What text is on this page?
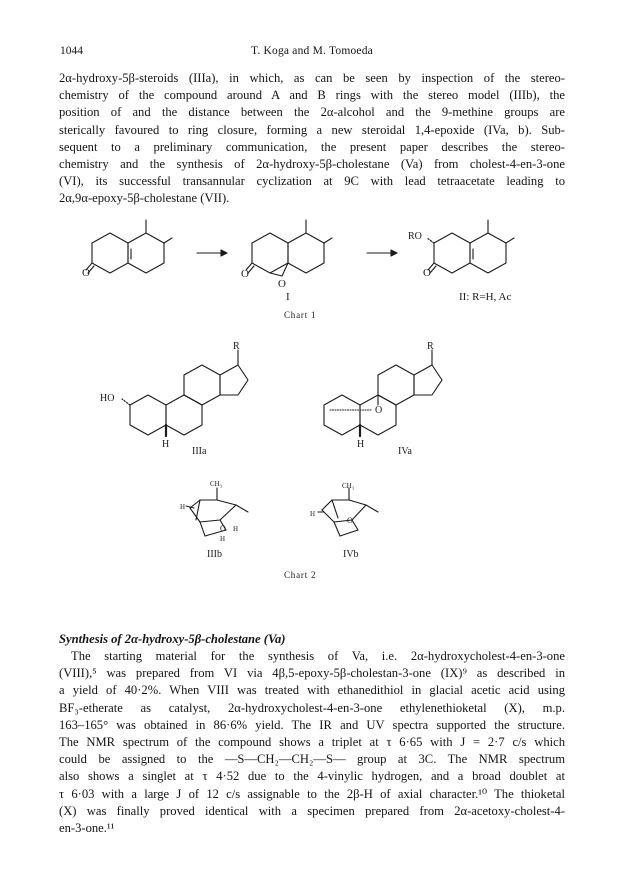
1044	T. Koga and M. Tomoeda
2α-hydroxy-5β-steroids (IIIa), in which, as can be seen by inspection of the stereo-
chemistry of the compound around A and B rings with the stereo model (IIIb), the
position of and the distance between the 2α-alcohol and the 9-methine groups are
sterically favoured to ring closure, forming a new steroidal 1,4-epoxide (IVa, b). Sub-
sequent to a preliminary communication, the present paper describes the stereo-
chemistry and the synthesis of 2α-hydroxy-5β-cholestane (Va) from cholest-4-en-3-one
(VI), its successful transannular cyclization at 9C with lead tetraacetate leading to
2α,9α-epoxy-5β-cholestane (VII).
O	O
O
I
RO
O
II: R=H, Ac
Chart 1
R
HO
H
IIIa
R
O
H
IVa
CH₃
H
O H
H
IIIb
CH₃
H
O
IVb
Chart 2
Synthesis of 2α-hydroxy-5β-cholestane (Va)
The starting material for the synthesis of Va, i.e. 2α-hydroxycholest-4-en-3-one
(VIII),⁵ was prepared from VI via 4β,5-epoxy-5β-cholestan-3-one (IX)⁹ as described in
a yield of 40·2%. When VIII was treated with ethanedithiol in glacial acetic acid using
BF₃-etherate as catalyst, 2α-hydroxycholest-4-en-3-one ethylenethioketal (X), m.p.
163–165° was obtained in 86·6% yield. The IR and UV spectra supported the structure.
The NMR spectrum of the compound shows a triplet at τ 6·65 with J = 2·7 c/s which
could be assigned to the —S—CH₂—CH₂—S— group at 3C. The NMR spectrum
also shows a singlet at τ 4·52 due to the 4-vinylic hydrogen, and a broad doublet at
τ 6·03 with a large J of 12 c/s assignable to the 2β-H of axial character.¹⁰ The thioketal
(X) was finally proved identical with a specimen prepared from 2α-acetoxy-cholest-4-
en-3-one.¹¹
